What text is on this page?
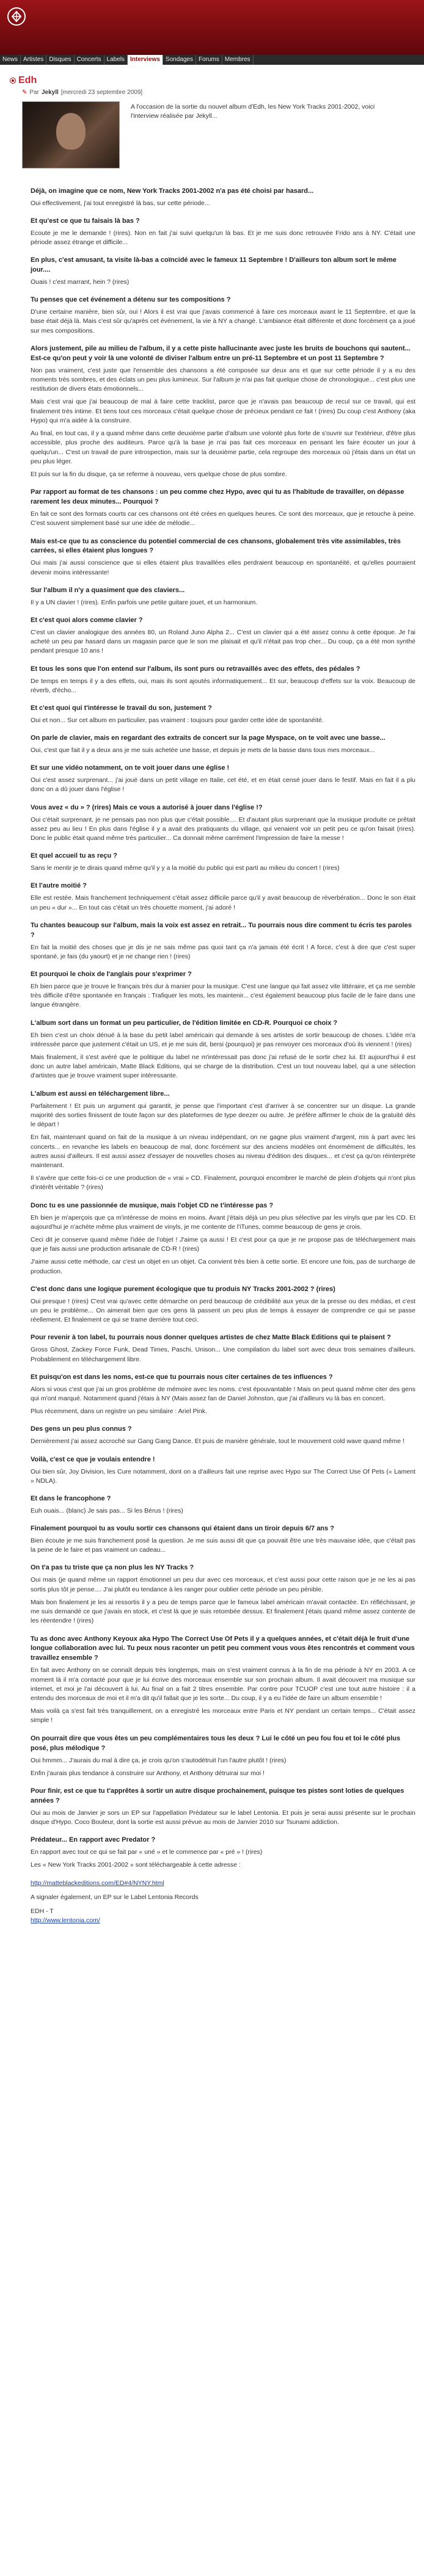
News Artistes Disques Concerts Labels Interviews Sondages Forums Membres
Edh
✎ Par Jekyll [mercredi 23 septembre 2009]
A l'occasion de la sortie du nouvel album d'Edh, les New York Tracks 2001-2002, voici l'interview réalisée par Jekyll...
Déjà, on imagine que ce nom, New York Tracks 2001-2002 n'a pas été choisi par hasard...

Oui effectivement, j'ai tout enregistré là bas, sur cette période...

Et qu'est ce que tu faisais là bas ?

Ecoute je me le demande ! (rires). Non en fait j'ai suivi quelqu'un là bas. Et je me suis donc retrouvée Frido ans à NY. C'était une période assez étrange et difficile...

En plus, c'est amusant, ta visite là-bas a coïncidé avec le fameux 11 Septembre ! D'ailleurs ton album sort le même jour....

Ouais ! c'est marrant, hein ? (rires)

Tu penses que cet événement a détenu sur tes compositions ?

D'une certaine manière, bien sûr, oui ! Alors il est vrai que j'avais commencé à faire ces morceaux avant le 11 Septembre, et que la base était déjà là. Mais c'est sûr qu'après cet événement, la vie à NY a changé. L'ambiance était différente et donc forcément ça a joué sur mes compositions.

Alors justement, pile au milieu de l'album, il y a cette piste hallucinante avec juste les bruits de bouchons qui sautent... Est-ce qu'on peut y voir là une volonté de diviser l'album entre un pré-11 Septembre et un post 11 Septembre ?

Non pas vraiment, c'est juste que l'ensemble des chansons a été composée sur deux ans et que sur cette période il y a eu des moments très sombres, et des éclats un peu plus lumineux. Sur l'album je n'ai pas fait quelque chose de chronologique... c'est plus une restitution de divers états émotionnels...

Mais c'est vrai que j'ai beaucoup de mal à faire cette tracklist, parce que je n'avais pas beaucoup de recul sur ce travail, qui est finalement très intime. Et tiens tout ces morceaux c'était quelque chose de précieux pendant ce fait ! (rires) Du coup c'est Anthony (aka Hypo) qui m'a aidée à la construire.

Au final, en tout cas, il y a quand même dans cette deuxième partie d'album une volonté plus forte de s'ouvrir sur l'extérieur, d'être plus accessible, plus proche des auditeurs. Parce qu'à la base je n'ai pas fait ces morceaux en pensant les faire écouter un jour à quelqu'un... C'est un travail de pure introspection, mais sur la deuxième partie, cela regroupe des morceaux où j'étais dans un état un peu plus léger.

Et puis sur la fin du disque, ça se referme à nouveau, vers quelque chose de plus sombre.

Par rapport au format de tes chansons : un peu comme chez Hypo, avec qui tu as l'habitude de travailler, on dépasse rarement les deux minutes... Pourquoi ?

En fait ce sont des formats courts car ces chansons ont été crées en quelques heures. Ce sont des morceaux, que je retouche à peine. C'est souvent simplement basé sur une idée de mélodie...

Mais est-ce que tu as conscience du potentiel commercial de ces chansons, globalement très vite assimilables, très carrées, si elles étaient plus longues ?

Oui mais j'ai aussi conscience que si elles étaient plus travaillées elles perdraient beaucoup en spontanéité, et qu'elles pourraient devenir moins intéressante!

Sur l'album il n'y a quasiment que des claviers...

Il y a UN clavier ! (rires). Enfin parfois une petite guitare jouet, et un harmonium.

Et c'est quoi alors comme clavier ?

C'est un clavier analogique des années 80, un Roland Juno Alpha 2... C'est un clavier qui a été assez connu à cette époque. Je l'ai acheté un peu par hasard dans un magasin parce que le son me plaisait et qu'il n'était pas trop cher... Du coup, ça a été mon synthé pendant presque 10 ans !

Et tous les sons que l'on entend sur l'album, ils sont purs ou retravaillés avec des effets, des pédales ?

De temps en temps il y a des effets, oui, mais ils sont ajoutés informatiquement... Et sur, beaucoup d'effets sur la voix. Beaucoup de réverb, d'écho...

Et c'est quoi qui t'intéresse le travail du son, justement ?

Oui et non... Sur cet album en particulier, pas vraiment : toujours pour garder cette idée de spontanéité.

On parle de clavier, mais en regardant des extraits de concert sur la page Myspace, on te voit avec une basse...

Oui, c'est que fait il y a deux ans je me suis achetée une basse, et depuis je mets de la basse dans tous mes morceaux...

Et sur une vidéo notamment, on te voit jouer dans une église !

Oui c'est assez surprenant... j'ai joué dans un petit village en Italie, cet été, et en était censé jouer dans le festif. Mais en fait il a plu donc on a dû jouer dans l'église !

Vous avez « du » ? (rires) Mais ce vous a autorisé à jouer dans l'église !?

Oui c'était surprenant, je ne pensais pas non plus que c'était possible.... Et d'autant plus surprenant que la musique produite ce prêtait assez peu au lieu ! En plus dans l'église il y a avait des pratiquants du village, qui venaient voir un petit peu ce qu'on faisait (rires). Donc le public était quand même très particulier... Ca donnait même carrément l'impression de faire la messe !

Et quel accueil tu as reçu ?

Sans le mentir je te dirais quand même qu'il y y a la moitié du public qui est parti au milieu du concert ! (rires)

Et l'autre moitié ?

Elle est restée. Mais franchement techniquement c'était assez difficile parce qu'il y avait beaucoup de réverbération... Donc le son était un peu « dur »... En tout cas c'était un très chouette moment, j'ai adoré !

Tu chantes beaucoup sur l'album, mais la voix est assez en retrait... Tu pourrais nous dire comment tu écris tes paroles ?

En fait la moitié des choses que je dis je ne sais même pas quoi tant ça n'a jamais été écrit ! A force, c'est à dire que c'est super spontané, je fais (du yaourt) et je ne change rien ! (rires)

Et pourquoi le choix de l'anglais pour s'exprimer ?

Eh bien parce que je trouve le français très dur à manier pour la musique. C'est une langue qui fait assez vite littéraire, et ça me semble très difficile d'être spontanée en français : Trafiquer les mots, les maintenir... c'est également beaucoup plus facile de le faire dans une langue étrangère.

L'album sort dans un format un peu particulier, de l'édition limitée en CD-R. Pourquoi ce choix ?

Eh bien c'est un choix dénué à la base du petit label américain qui demande à ses artistes de sortir beaucoup de choses. L'idée m'a intéressée parce que justement c'était un US, et je me suis dit, bersi (pourquoi) je pas renvoyer ces morceaux d'où ils viennent ! (rires)

Mais finalement, il s'est avéré que le politique du label ne m'intéressait pas donc j'ai refusé de le sortir chez lui. Et aujourd'hui il est donc un autre label américain, Matte Black Editions, qui se charge de la distribution. C'est un tout nouveau label, qui a une sélection d'artistes que je trouve vraiment super intéressante.

L'album est aussi en téléchargement libre...

Parfaitement ! Et puis un argument qui garantit, je pense que l'important c'est d'arriver à se concentrer sur un disque. La grande majorité des sorties finissent de toute façon sur des plateformes de type deezer ou autre. Je préfère affirmer le choix de la gratuité dès le départ !

En fait, maintenant quand on fait de la musique à un niveau indépendant, on ne gagne plus vraiment d'argent, mis à part avec les concerts... en revanche les labels en beaucoup de mal, donc forcément sur des anciens modèles ont énormément de difficultés, les autres aussi d'ailleurs. Il est aussi assez d'essayer de nouvelles choses au niveau d'édition des disques... et c'est ça qu'on réinterprète maintenant.

Il s'avère que cette fois-ci ce une production de « vrai » CD. Finalement, pourquoi encombrer le marché de plein d'objets qui n'ont plus d'intérêt véritable ? (rires)

Donc tu es une passionnée de musique, mais l'objet CD ne t'intéresse pas ?

Eh bien je m'aperçois que ça m'intéresse de moins en moins. Avant j'étais déjà un peu plus sélective par les vinyls que par les CD. Et aujourd'hui je n'achète même plus vraiment de vinyls, je me contente de l'iTunes, comme beaucoup de gens je crois.

Ceci dit je conserve quand même l'idée de l'objet ! J'aime ça aussi ! Et c'est pour ça que je ne propose pas de téléchargement mais que je fais aussi une production artisanale de CD-R ! (rires)

J'aime aussi cette méthode, car c'est un objet en un objet. Ca convient très bien à cette sortie. Et encore une fois, pas de surcharge de production.

C'est donc dans une logique purement écologique que tu produis NY Tracks 2001-2002 ? (rires)

Oui presque ! (rires) C'est vrai qu'avec cette démarche on perd beaucoup de crédibilité aux yeux de la presse ou des médias, et c'est un peu le problème... On aimerait bien que ces gens là passent un peu plus de temps à essayer de comprendre ce qui se passe réellement. Et finalement ce qui se trame derrière tout ceci.

Pour revenir à ton label, tu pourrais nous donner quelques artistes de chez Matte Black Editions qui te plaisent ?

Gross Ghost, Zackey Force Funk, Dead Times, Paschi, Unison... Une compilation du label sort avec deux trois semaines d'ailleurs. Probablement en téléchargement libre.

Et puisqu'on est dans les noms, est-ce que tu pourrais nous citer certaines de tes influences ?

Alors si vous c'est que j'ai un gros problème de mémoire avec les noms. c'est épouvantable ! Mais on peut quand même citer des gens qui m'ont marqué. Notamment quand j'étais à NY (Mais assez fan de Daniel Johnston, que j'ai d'ailleurs vu là bas en concert.

Plus récemment, dans un registre un peu similaire : Ariel Pink.

Des gens un peu plus connus ?

Dernièrement j'ai assez accroché sur Gang Gang Dance. Et puis de manière générale, tout le mouvement cold wave quand même !

Voilà, c'est ce que je voulais entendre !

Oui bien sûr, Joy Division, les Cure notamment, dont on a d'ailleurs fait une reprise avec Hypo sur The Correct Use Of Pets (« Lament » NDLA).

Et dans le francophone ?

Euh ouais... (blanc) Je sais pas... Si les Bérus ! (rires)

Finalement pourquoi tu as voulu sortir ces chansons qui étaient dans un tiroir depuis 6/7 ans ?

Bien écoute je me suis franchement posé la question. Je me suis aussi dit que ça pouvait être une très mauvaise idée, que c'était pas la peine de le faire et pas vraiment un cadeau...

On t'a pas tu triste que ça non plus les NY Tracks ?

Oui mais (je quand même un rapport émotionnel un peu dur avec ces morceaux, et c'est aussi pour cette raison que je ne les ai pas sortis plus tôt je pense.... J'ai plutôt eu tendance à les ranger pour oublier cette période un peu pénible.

Mais bon finalement je les ai ressortis il y a peu de temps parce que le fameux label américain m'avait contactée. En réfléchissant, je me suis demandé ce que j'avais en stock, et c'est là que je suis retombée dessus. Et finalement j'étais quand même assez contente de les réentendre ! (rires)

Tu as donc avec Anthony Keyoux aka Hypo The Correct Use Of Pets il y a quelques années, et c'était déjà le fruit d'une longue collaboration avec lui. Tu peux nous raconter un petit peu comment vous vous êtes rencontrés et comment vous travaillez ensemble ?

En fait avec Anthony on se connaît depuis très longtemps, mais on s'est vraiment connus à la fin de ma période à NY en 2003. A ce moment là il m'a contacté pour que je lui écrive des morceaux ensemble sur son prochain album. Il avait découvert ma musique sur internet, et moi je l'ai découvert à lui. Au final on a fait 2 titres ensemble. Par contre pour TCUOP c'est une tout autre histoire : il a entendu des morceaux de moi et il m'a dit qu'il fallait que je les sorte... Du coup, il y a eu l'idée de faire un album ensemble !

Mais voilà ça s'est fait très tranquillement, on a enregistré les morceaux entre Paris et NY pendant un certain temps... C'était assez simple !

On pourrait dire que vous êtes un peu complémentaires tous les deux ? Lui le côté un peu fou fou et toi le côté plus posé, plus mélodique ?

Oui hmmm... J'aurais du mal à dire ça, je crois qu'on s'autodétruit l'un l'autre plutôt ! (rires)

Enfin j'aurais plus tendance à construire sur Anthony, et Anthony détruirai sur moi !

Pour finir, est ce que tu t'apprêtes à sortir un autre disque prochainement, puisque tes pistes sont loties de quelques années ?

Oui au mois de Janvier je sors un EP sur l'appellation Prédateur sur le label Lentonia. Et puis je serai aussi présente sur le prochain disque d'Hypo. Coco Bouleur, dont la sortie est aussi prévue au mois de Janvier 2010 sur Tsunami addiction.

Prédateur... En rapport avec Predator ?

En rapport avec tout ce qui se fait par « uné » et le commence par « pré » ! (rires)

Les « New York Tracks 2001-2002 » sont téléchargeable à cette adresse :

http://matteblackeditions.com/ED#4/NYNY.html

A signaler également, un EP sur le Label Lentonia Records

EDH - T

http://www.lentonia.com/
